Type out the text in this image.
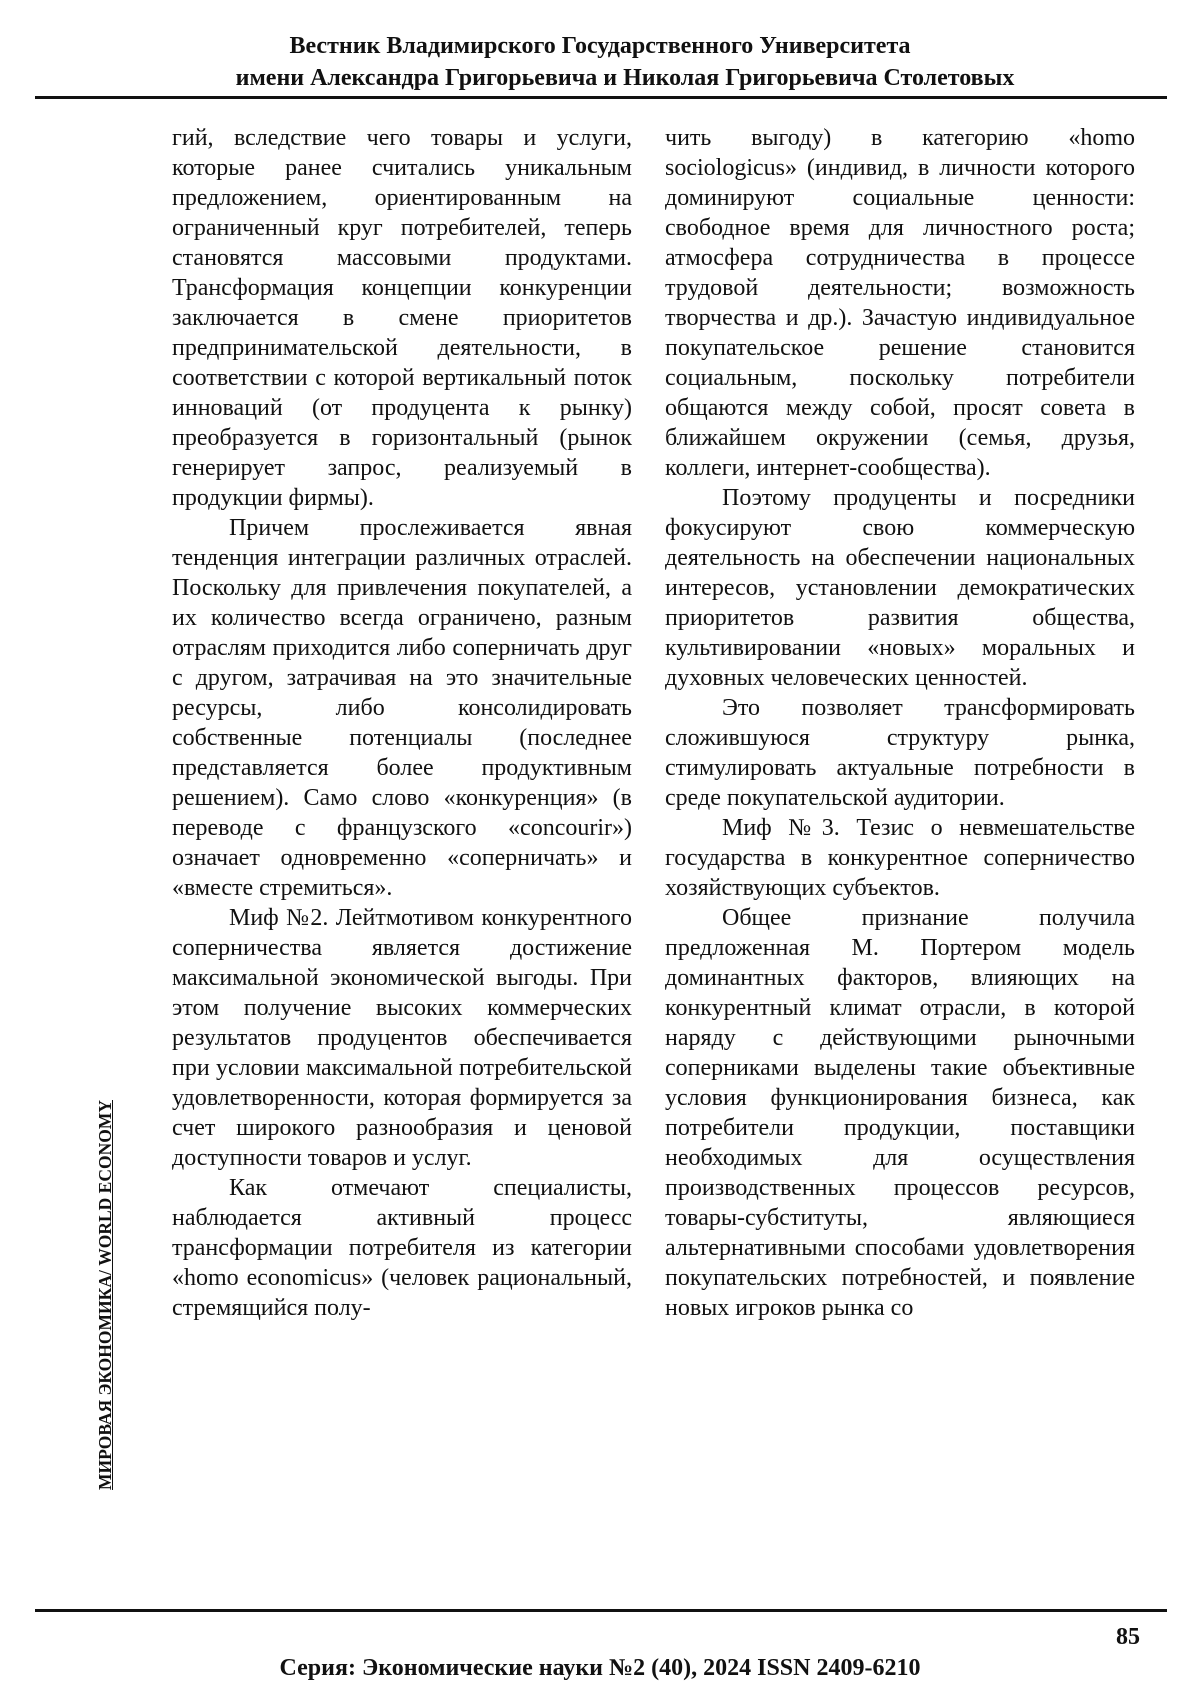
Вестник Владимирского Государственного Университета
имени Александра Григорьевича и Николая Григорьевича Столетовых
МИРОВАЯ ЭКОНОМИКА/ WORLD ECONOMY

гий, вследствие чего товары и услуги, которые ранее считались уникальным предложением, ориентированным на ограниченный круг потребителей, теперь становятся массовыми продуктами. Трансформация концепции конкуренции заключается в смене приоритетов предпринимательской деятельности, в соответствии с которой вертикальный поток инноваций (от продуцента к рынку) преобразуется в горизонтальный (рынок генерирует запрос, реализуемый в продукции фирмы).

Причем прослеживается явная тенденция интеграции различных отраслей. Поскольку для привлечения покупателей, а их количество всегда ограничено, разным отраслям приходится либо соперничать друг с другом, затрачивая на это значительные ресурсы, либо консолидировать собственные потенциалы (последнее представляется более продуктивным решением). Само слово «конкуренция» (в переводе с французского «concourir») означает одновременно «соперничать» и «вместе стремиться».

Миф №2. Лейтмотивом конкурентного соперничества является достижение максимальной экономической выгоды. При этом получение высоких коммерческих результатов продуцентов обеспечивается при условии максимальной потребительской удовлетворенности, которая формируется за счет широкого разнообразия и ценовой доступности товаров и услуг.

Как отмечают специалисты, наблюдается активный процесс трансформации потребителя из категории «homo economicus» (человек рациональный, стремящийся полу-

чить выгоду) в категорию «homo sociologicus» (индивид, в личности которого доминируют социальные ценности: свободное время для личностного роста; атмосфера сотрудничества в процессе трудовой деятельности; возможность творчества и др.). Зачастую индивидуальное покупательское решение становится социальным, поскольку потребители общаются между собой, просят совета в ближайшем окружении (семья, друзья, коллеги, интернет-сообщества).

Поэтому продуценты и посредники фокусируют свою коммерческую деятельность на обеспечении национальных интересов, установлении демократических приоритетов развития общества, культивировании «новых» моральных и духовных человеческих ценностей.

Это позволяет трансформировать сложившуюся структуру рынка, стимулировать актуальные потребности в среде покупательской аудитории.

Миф №3. Тезис о невмешательстве государства в конкурентное соперничество хозяйствующих субъектов.

Общее признание получила предложенная М. Портером модель доминантных факторов, влияющих на конкурентный климат отрасли, в которой наряду с действующими рыночными соперниками выделены такие объективные условия функционирования бизнеса, как потребители продукции, поставщики необходимых для осуществления производственных процессов ресурсов, товары-субституты, являющиеся альтернативными способами удовлетворения покупательских потребностей, и появление новых игроков рынка со

85
Серия: Экономические науки №2 (40), 2024 ISSN 2409-6210
